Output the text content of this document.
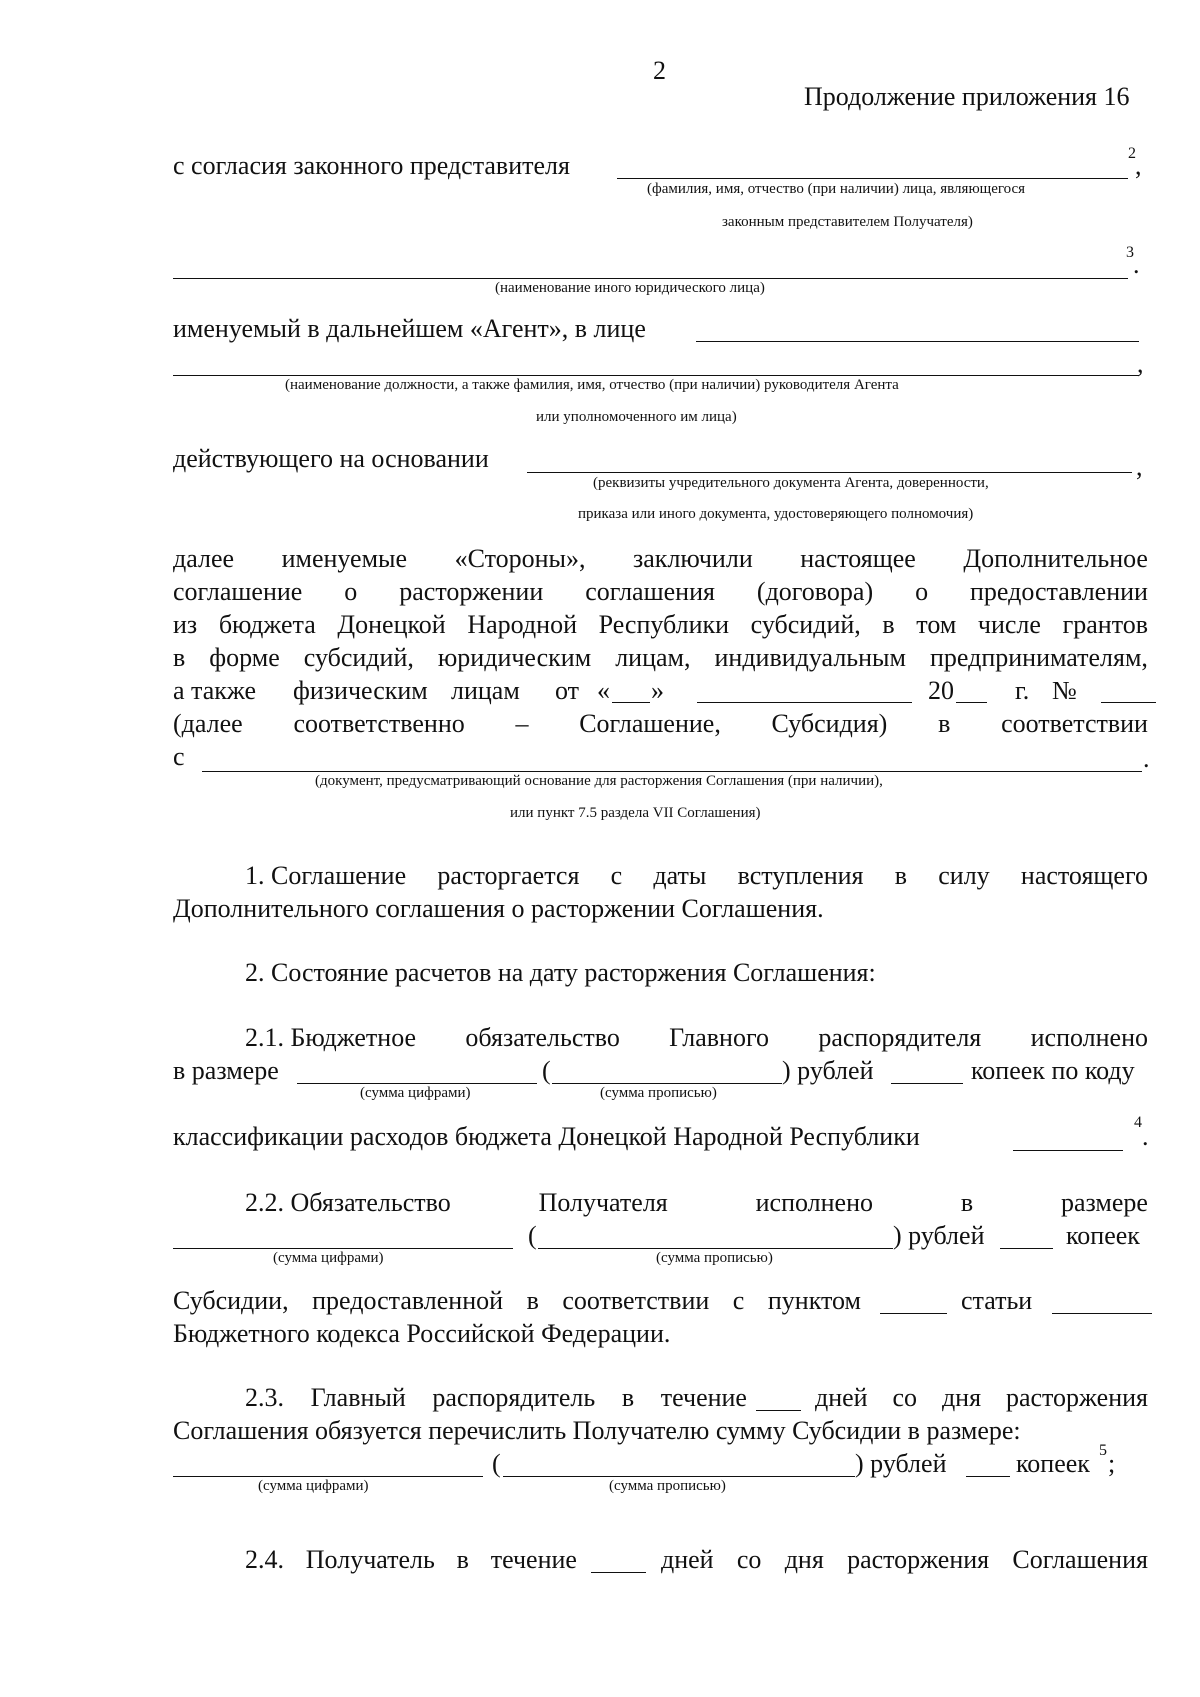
2
Продолжение приложения 16
с согласия законного представителя	2 ,
(фамилия, имя, отчество (при наличии) лица, являющегося
законным представителем Получателя)
3 .
(наименование иного юридического лица)
именуемый в дальнейшем «Агент», в лице
,
(наименование должности, а также фамилия, имя, отчество (при наличии) руководителя Агента
или уполномоченного им лица)
действующего на основании	,
(реквизиты учредительного документа Агента, доверенности,
приказа или иного документа, удостоверяющего полномочия)
далее именуемые «Стороны», заключили настоящее Дополнительное
соглашение о расторжении соглашения (договора) о предоставлении
из бюджета Донецкой Народной Республики субсидий, в том числе грантов
в форме субсидий, юридическим лицам, индивидуальным предпринимателям,
а также физическим лицам от « »	20 г. №
(далее соответственно – Соглашение, Субсидия) в соответствии
с	.
(документ, предусматривающий основание для расторжения Соглашения (при наличии),
или пункт 7.5 раздела VII Соглашения)
1. Соглашение расторгается с даты вступления в силу настоящего
Дополнительного соглашения о расторжении Соглашения.
2. Состояние расчетов на дату расторжения Соглашения:
2.1. Бюджетное обязательство Главного распорядителя исполнено
в размере	(	) рублей	копеек по коду
(сумма цифрами)	(сумма прописью)
классификации расходов бюджета Донецкой Народной Республики	4 .
2.2. Обязательство	Получателя	исполнено	в	размере
(	) рублей	копеек
(сумма цифрами)	(сумма прописью)
Субсидии, предоставленной в соответствии с пунктом	статьи
Бюджетного кодекса Российской Федерации.
2.3. Главный распорядитель в течение	дней со дня расторжения
Соглашения обязуется перечислить Получателю сумму Субсидии в размере:
(	) рублей	копеек 5 ;
(сумма цифрами)	(сумма прописью)
2.4. Получатель в течение	дней со дня расторжения Соглашения
